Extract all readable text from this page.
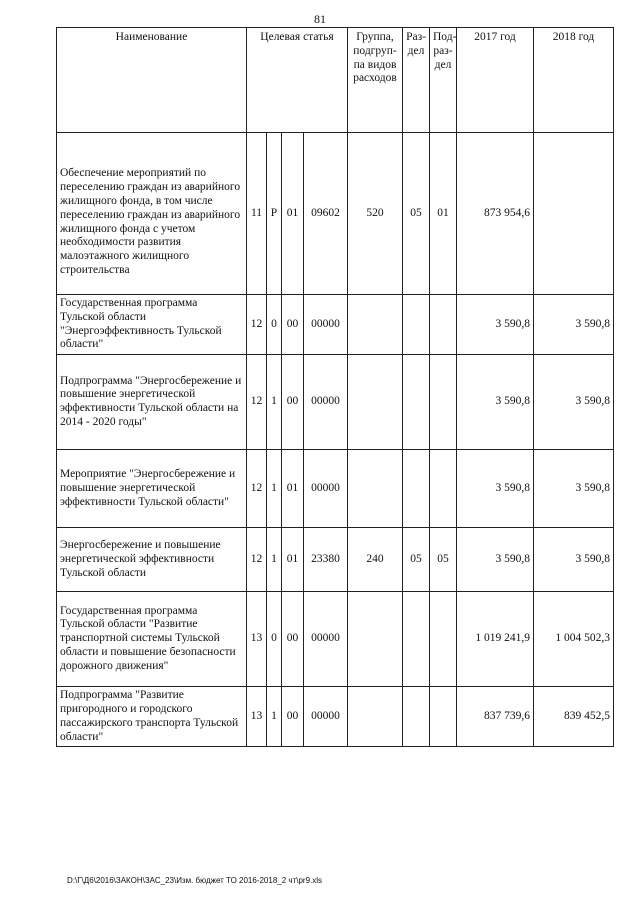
81
Наименование	Целевая статья				Группа, подгруп-па видов расходов	Раз-дел	Под-раз-дел	2017 год	2018 год
Обеспечение мероприятий по переселению граждан из аварийного жилищного фонда, в том числе переселению граждан из аварийного жилищного фонда с учетом необходимости развития малоэтажного жилищного строительства	11	Р	01	09602	520	05	01	873 954,6	
Государственная программа Тульской области "Энергоэффективность Тульской области"	12	0	00	00000				3 590,8	3 590,8
Подпрограмма "Энергосбережение и повышение энергетической эффективности Тульской области на 2014 - 2020 годы"	12	1	00	00000				3 590,8	3 590,8
Мероприятие "Энергосбережение и повышение энергетической эффективности Тульской области"	12	1	01	00000				3 590,8	3 590,8
Энергосбережение и повышение энергетической эффективности Тульской области	12	1	01	23380	240	05	05	3 590,8	3 590,8
Государственная программа Тульской области "Развитие транспортной системы Тульской области и повышение безопасности дорожного движения"	13	0	00	00000				1 019 241,9	1 004 502,3
Подпрограмма "Развитие пригородного и городского пассажирского транспорта Тульской области"	13	1	00	00000				837 739,6	839 452,5
D:\Г\Д6\2016\ЗАКОН\ЗАС_23\Изм. бюджет ТО 2016-2018_2 чт\pr9.xls
